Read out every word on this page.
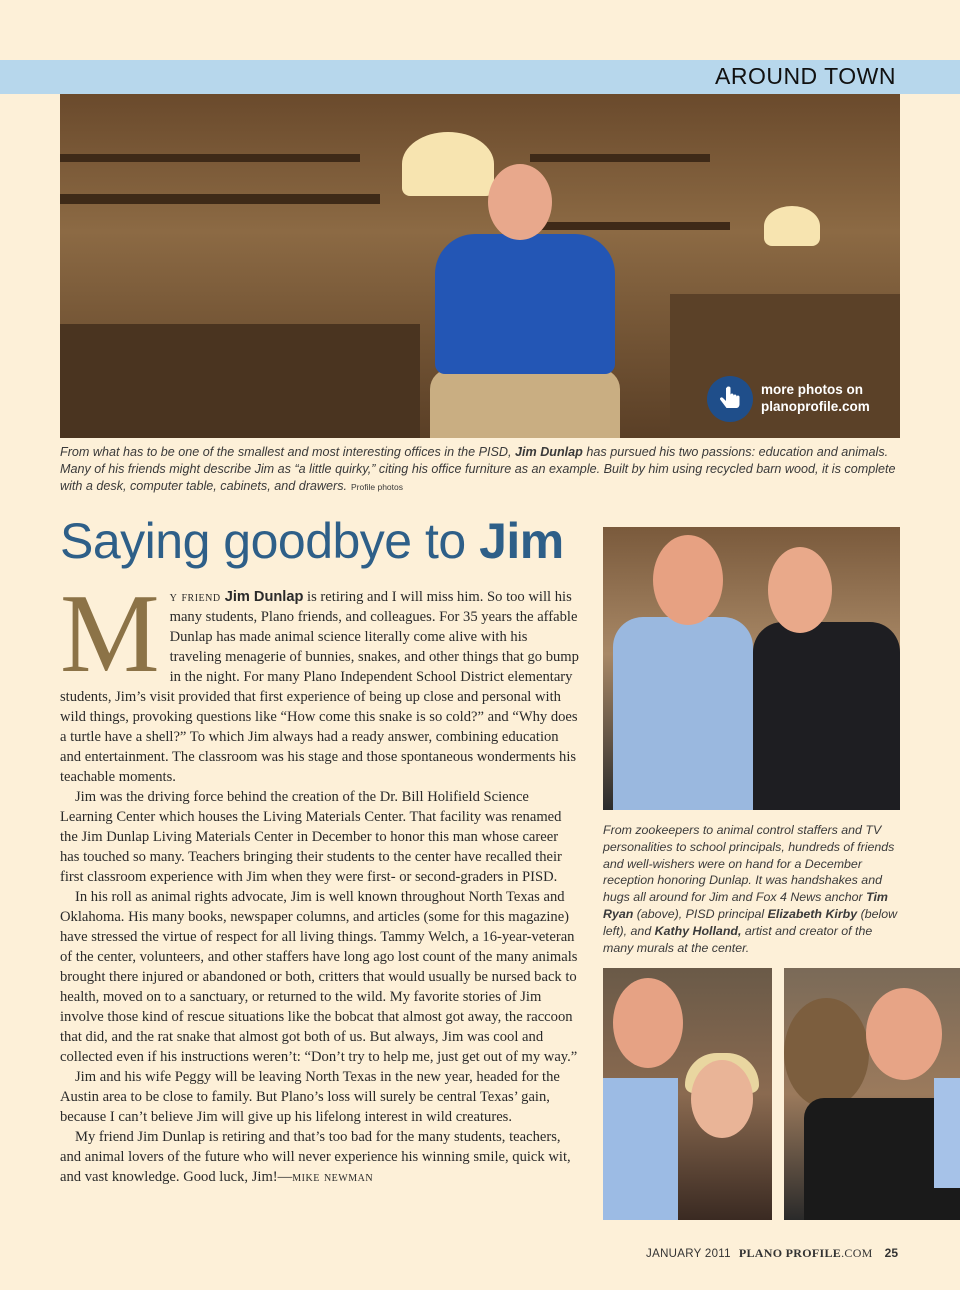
AROUND TOWN
more photos on
planoprofile.com
From what has to be one of the smallest and most interesting offices in the PISD, Jim Dunlap has pursued his two passions: education and animals. Many of his friends might describe Jim as “a little quirky,” citing his office furniture as an example. Built by him using recycled barn wood, it is complete with a desk, computer table, cabinets, and drawers. Profile photos
Saying goodbye to Jim

My friend Jim Dunlap is retiring and I will miss him. So too will his many students, Plano friends, and colleagues. For 35 years the affable Dunlap has made animal science literally come alive with his traveling menagerie of bunnies, snakes, and other things that go bump in the night. For many Plano Independent School District elementary students, Jim’s visit provided that first experience of being up close and personal with wild things, provoking questions like “How come this snake is so cold?” and “Why does a turtle have a shell?” To which Jim always had a ready answer, combining education and entertainment. The classroom was his stage and those spontaneous wonderments his teachable moments.

Jim was the driving force behind the creation of the Dr. Bill Holifield Science Learning Center which houses the Living Materials Center. That facility was renamed the Jim Dunlap Living Materials Center in December to honor this man whose career has touched so many. Teachers bringing their students to the center have recalled their first classroom experience with Jim when they were first- or second-graders in PISD.

In his roll as animal rights advocate, Jim is well known throughout North Texas and Oklahoma. His many books, newspaper columns, and articles (some for this magazine) have stressed the virtue of respect for all living things. Tammy Welch, a 16-year-veteran of the center, volunteers, and other staffers have long ago lost count of the many animals brought there injured or abandoned or both, critters that would usually be nursed back to health, moved on to a sanctuary, or returned to the wild. My favorite stories of Jim involve those kind of rescue situations like the bobcat that almost got away, the raccoon that did, and the rat snake that almost got both of us. But always, Jim was cool and collected even if his instructions weren’t: “Don’t try to help me, just get out of my way.”

Jim and his wife Peggy will be leaving North Texas in the new year, headed for the Austin area to be close to family. But Plano’s loss will surely be central Texas’ gain, because I can’t believe Jim will give up his lifelong interest in wild creatures.

My friend Jim Dunlap is retiring and that’s too bad for the many students, teachers, and animal lovers of the future who will never experience his winning smile, quick wit, and vast knowledge. Good luck, Jim!—mike newman

From zookeepers to animal control staffers and TV personalities to school principals, hundreds of friends and well-wishers were on hand for a December reception honoring Dunlap. It was handshakes and hugs all around for Jim and Fox 4 News anchor Tim Ryan (above), PISD principal Elizabeth Kirby (below left), and Kathy Holland, artist and creator of the many murals at the center.
JANUARY 2011 PLANO PROFILE.COM 25
